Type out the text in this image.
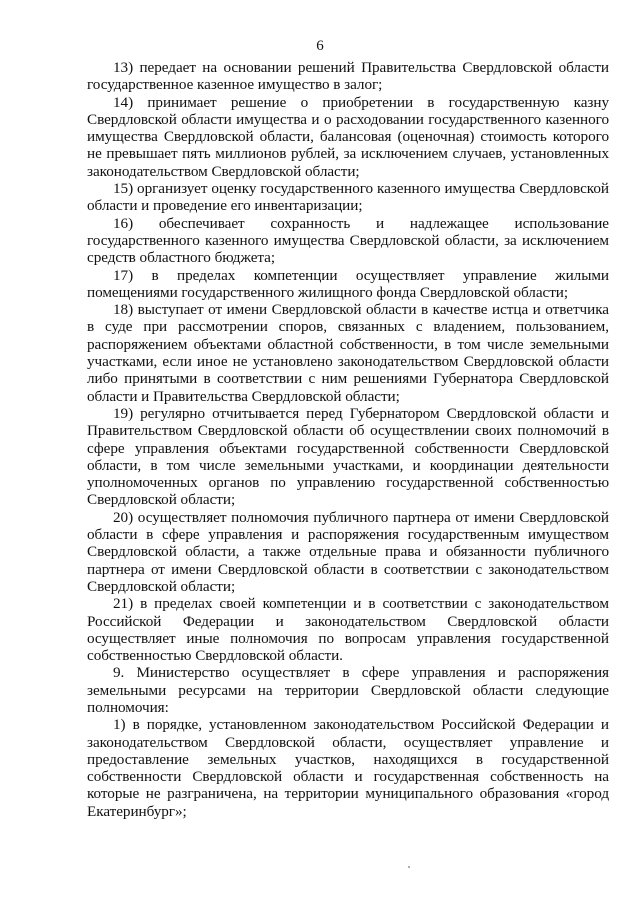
6

13) передает на основании решений Правительства Свердловской области государственное казенное имущество в залог;

14) принимает решение о приобретении в государственную казну Свердловской области имущества и о расходовании государственного казенного имущества Свердловской области, балансовая (оценочная) стоимость которого не превышает пять миллионов рублей, за исключением случаев, установленных законодательством Свердловской области;

15) организует оценку государственного казенного имущества Свердловской области и проведение его инвентаризации;

16) обеспечивает сохранность и надлежащее использование государственного казенного имущества Свердловской области, за исключением средств областного бюджета;

17) в пределах компетенции осуществляет управление жилыми помещениями государственного жилищного фонда Свердловской области;

18) выступает от имени Свердловской области в качестве истца и ответчика в суде при рассмотрении споров, связанных с владением, пользованием, распоряжением объектами областной собственности, в том числе земельными участками, если иное не установлено законодательством Свердловской области либо принятыми в соответствии с ним решениями Губернатора Свердловской области и Правительства Свердловской области;

19) регулярно отчитывается перед Губернатором Свердловской области и Правительством Свердловской области об осуществлении своих полномочий в сфере управления объектами государственной собственности Свердловской области, в том числе земельными участками, и координации деятельности уполномоченных органов по управлению государственной собственностью Свердловской области;

20) осуществляет полномочия публичного партнера от имени Свердловской области в сфере управления и распоряжения государственным имуществом Свердловской области, а также отдельные права и обязанности публичного партнера от имени Свердловской области в соответствии с законодательством Свердловской области;

21) в пределах своей компетенции и в соответствии с законодательством Российской Федерации и законодательством Свердловской области осуществляет иные полномочия по вопросам управления государственной собственностью Свердловской области.

9. Министерство осуществляет в сфере управления и распоряжения земельными ресурсами на территории Свердловской области следующие полномочия:

1) в порядке, установленном законодательством Российской Федерации и законодательством Свердловской области, осуществляет управление и предоставление земельных участков, находящихся в государственной собственности Свердловской области и государственная собственность на которые не разграничена, на территории муниципального образования «город Екатеринбург»;
